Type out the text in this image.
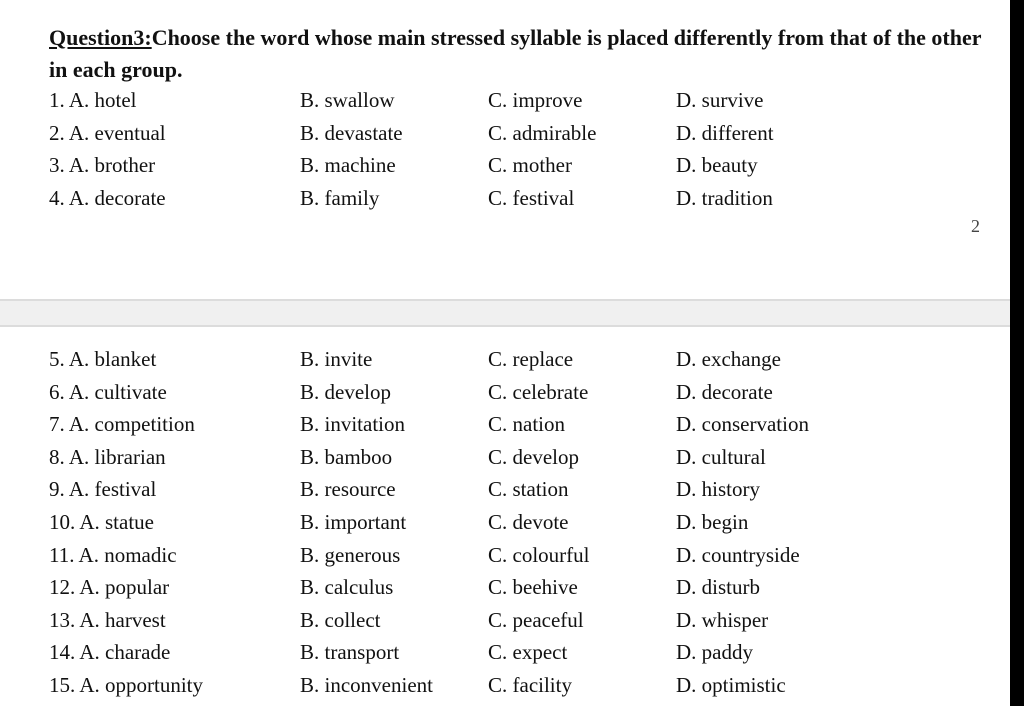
Question3:Choose the word whose main stressed syllable is placed differently from that of the other in each group.
1. A. hotel	B. swallow	C. improve	D. survive
2. A. eventual	B. devastate	C. admirable	D. different
3. A. brother	B. machine	C. mother	D. beauty
4. A. decorate	B. family	C. festival	D. tradition
2
5. A. blanket	B. invite	C. replace	D. exchange
6. A. cultivate	B. develop	C. celebrate	D. decorate
7. A. competition	B. invitation	C. nation	D. conservation
8. A. librarian	B. bamboo	C. develop	D. cultural
9. A. festival	B. resource	C. station	D. history
10. A. statue	B. important	C. devote	D. begin
11. A. nomadic	B. generous	C. colourful	D. countryside
12. A. popular	B. calculus	C. beehive	D. disturb
13. A. harvest	B. collect	C. peaceful	D. whisper
14. A. charade	B. transport	C. expect	D. paddy
15. A. opportunity	B. inconvenient	C. facility	D. optimistic
